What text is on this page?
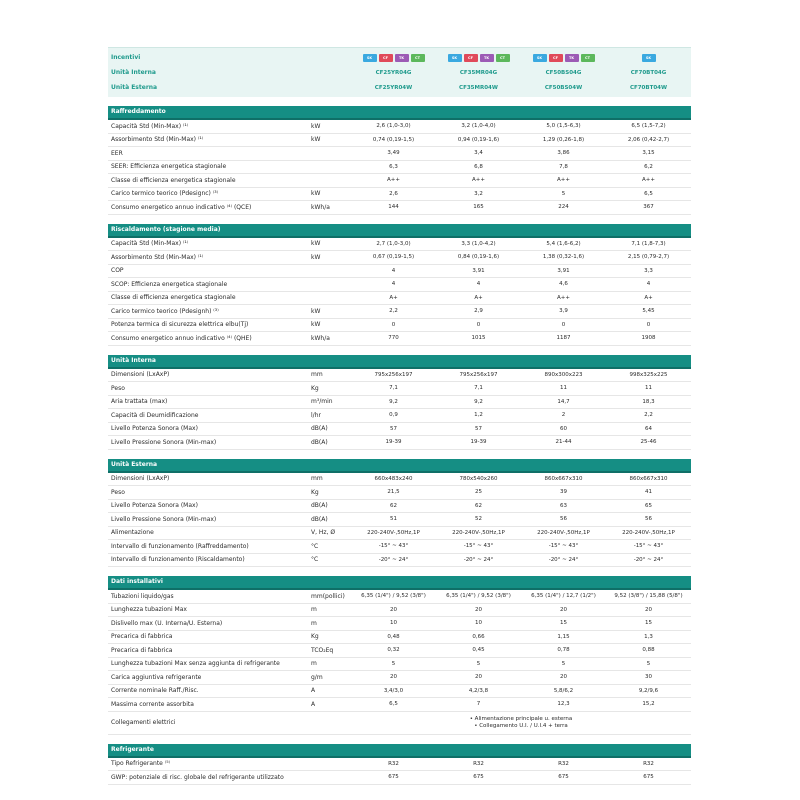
Incentivi	SK	CF	TK	CT	SK	CF	TK	CT	SK	CF	TK	CT	SK
Unità Interna	CF25YR04G	CF35MR04G	CF50BS04G	CF70BT04G
Unità Esterna	CF25YR04W	CF35MR04W	CF50BS04W	CF70BT04W
Raffreddamento
Capacità Std (Min-Max) ⁽¹⁾	kW	2,6 (1,0-3,0)	3,2 (1,0-4,0)	5,0 (1,5-6,3)	6,5 (1,5-7,2)
Assorbimento Std (Min-Max) ⁽¹⁾	kW	0,74 (0,19-1,5)	0,94 (0,19-1,6)	1,29 (0,26-1,8)	2,06 (0,42-2,7)
EER	3,49	3,4	3,86	3,15
SEER: Efficienza energetica stagionale	6,3	6,8	7,8	6,2
Classe di efficienza energetica stagionale	A++	A++	A++	A++
Carico termico teorico (Pdesignc) ⁽³⁾	kW	2,6	3,2	5	6,5
Consumo energetico annuo indicativo ⁽⁴⁾ (QCE)	kWh/a	144	165	224	367
Riscaldamento (stagione media)
Capacità Std (Min-Max) ⁽¹⁾	kW	2,7 (1,0-3,0)	3,3 (1,0-4,2)	5,4 (1,6-6,2)	7,1 (1,8-7,3)
Assorbimento Std (Min-Max) ⁽¹⁾	kW	0,67 (0,19-1,5)	0,84 (0,19-1,6)	1,38 (0,32-1,6)	2,15 (0,79-2,7)
COP	4	3,91	3,91	3,3
SCOP: Efficienza energetica stagionale	4	4	4,6	4
Classe di efficienza energetica stagionale	A+	A+	A++	A+
Carico termico teorico (Pdesignh) ⁽³⁾	kW	2,2	2,9	3,9	5,45
Potenza termica di sicurezza elettrica elbu(Tj)	kW	0	0	0	0
Consumo energetico annuo indicativo ⁽⁴⁾ (QHE)	kWh/a	770	1015	1187	1908
Unità Interna
Dimensioni (LxAxP)	mm	795x256x197	795x256x197	890x300x223	998x325x225
Peso	Kg	7,1	7,1	11	11
Aria trattata (max)	m³/min	9,2	9,2	14,7	18,3
Capacità di Deumidificazione	l/hr	0,9	1,2	2	2,2
Livello Potenza Sonora (Max)	dB(A)	57	57	60	64
Livello Pressione Sonora (Min-max)	dB(A)	19-39	19-39	21-44	25-46
Unità Esterna
Dimensioni (LxAxP)	mm	660x483x240	780x540x260	860x667x310	860x667x310
Peso	Kg	21,5	25	39	41
Livello Potenza Sonora (Max)	dB(A)	62	62	63	65
Livello Pressione Sonora (Min-max)	dB(A)	51	52	56	56
Alimentazione	V, Hz, Ø	220-240V-,50Hz,1P	220-240V-,50Hz,1P	220-240V-,50Hz,1P	220-240V-,50Hz,1P
Intervallo di funzionamento (Raffreddamento)	°C	-15° ~ 43°	-15° ~ 43°	-15° ~ 43°	-15° ~ 43°
Intervallo di funzionamento (Riscaldamento)	°C	-20° ~ 24°	-20° ~ 24°	-20° ~ 24°	-20° ~ 24°
Dati installativi
Tubazioni liquido/gas	mm(pollici)	6,35 (1/4") / 9,52 (3/8")	6,35 (1/4") / 9,52 (3/8")	6,35 (1/4") / 12,7 (1/2")	9,52 (3/8") / 15,88 (5/8")
Lunghezza tubazioni Max	m	20	20	20	20
Dislivello max (U. Interna/U. Esterna)	m	10	10	15	15
Precarica di fabbrica	Kg	0,48	0,66	1,15	1,3
Precarica di fabbrica	TCO₂Eq	0,32	0,45	0,78	0,88
Lunghezza tubazioni Max senza aggiunta di refrigerante	m	5	5	5	5
Carica aggiuntiva refrigerante	g/m	20	20	20	30
Corrente nominale Raff./Risc.	A	3,4/3,0	4,2/3,8	5,8/6,2	9,2/9,6
Massima corrente assorbita	A	6,5	7	12,3	15,2
Collegamenti elettrici
• Alimentazione principale u. esterna
• Collegamento U.I. / U.I.4 + terra
Refrigerante
Tipo Refrigerante ⁽⁵⁾	R32	R32	R32	R32
GWP: potenziale di risc. globale del refrigerante utilizzato	675	675	675	675
